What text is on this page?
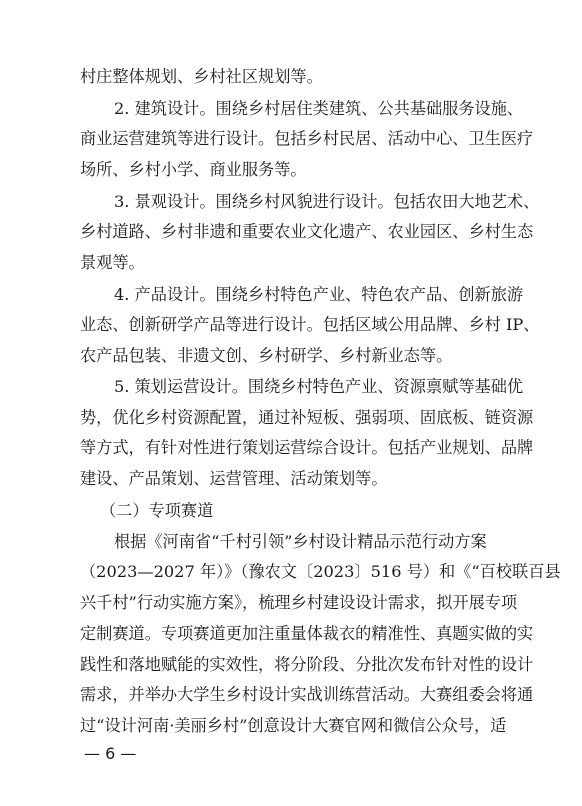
村庄整体规划、乡村社区规划等。
2. 建筑设计。围绕乡村居住类建筑、公共基础服务设施、
商业运营建筑等进行设计。包括乡村民居、活动中心、卫生医疗
场所、乡村小学、商业服务等。
3. 景观设计。围绕乡村风貌进行设计。包括农田大地艺术、
乡村道路、乡村非遗和重要农业文化遗产、农业园区、乡村生态
景观等。
4. 产品设计。围绕乡村特色产业、特色农产品、创新旅游
业态、创新研学产品等进行设计。包括区域公用品牌、乡村 IP、
农产品包装、非遗文创、乡村研学、乡村新业态等。
5. 策划运营设计。围绕乡村特色产业、资源禀赋等基础优
势，优化乡村资源配置，通过补短板、强弱项、固底板、链资源
等方式，有针对性进行策划运营综合设计。包括产业规划、品牌
建设、产品策划、运营管理、活动策划等。
（二）专项赛道
根据《河南省“千村引领”乡村设计精品示范行动方案
（2023—2027 年）》（豫农文〔2023〕516 号）和《“百校联百县
兴千村”行动实施方案》，梳理乡村建设设计需求，拟开展专项
定制赛道。专项赛道更加注重量体裁衣的精准性、真题实做的实
践性和落地赋能的实效性，将分阶段、分批次发布针对性的设计
需求，并举办大学生乡村设计实战训练营活动。大赛组委会将通
过“设计河南·美丽乡村”创意设计大赛官网和微信公众号，适
— 6 —
